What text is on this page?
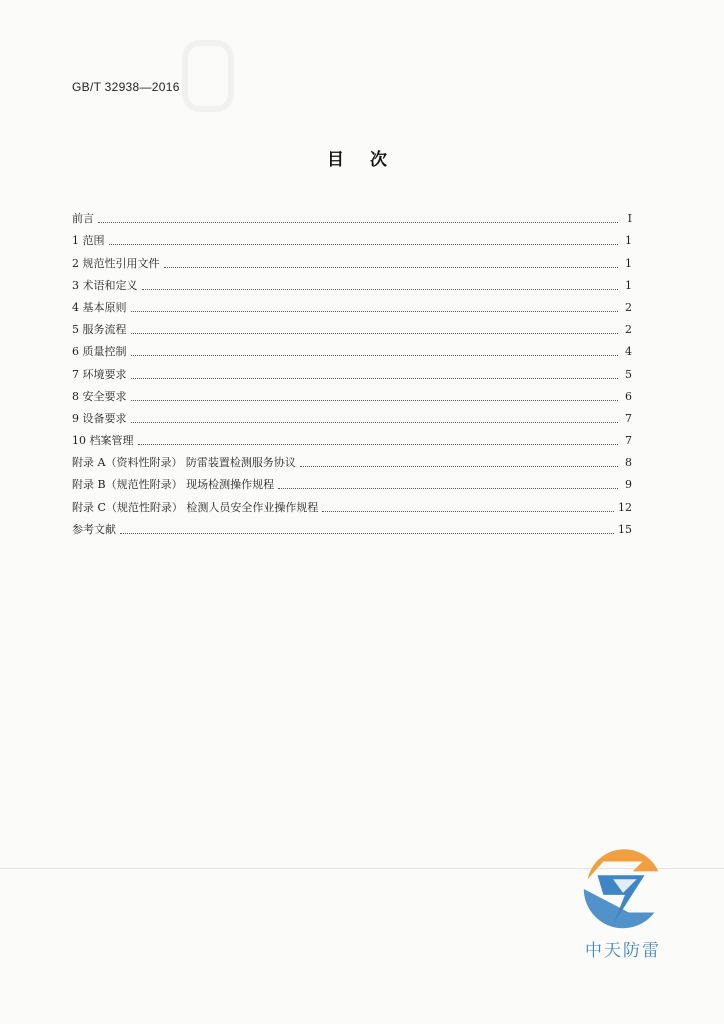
GB/T 32938—2016
目 次
前言	Ⅰ
1 范围	1
2 规范性引用文件	1
3 术语和定义	1
4 基本原则	2
5 服务流程	2
6 质量控制	4
7 环境要求	5
8 安全要求	6
9 设备要求	7
10 档案管理	7
附录 A（资料性附录） 防雷装置检测服务协议	8
附录 B（规范性附录） 现场检测操作规程	9
附录 C（规范性附录） 检测人员安全作业操作规程	12
参考文献	15
中天防雷
